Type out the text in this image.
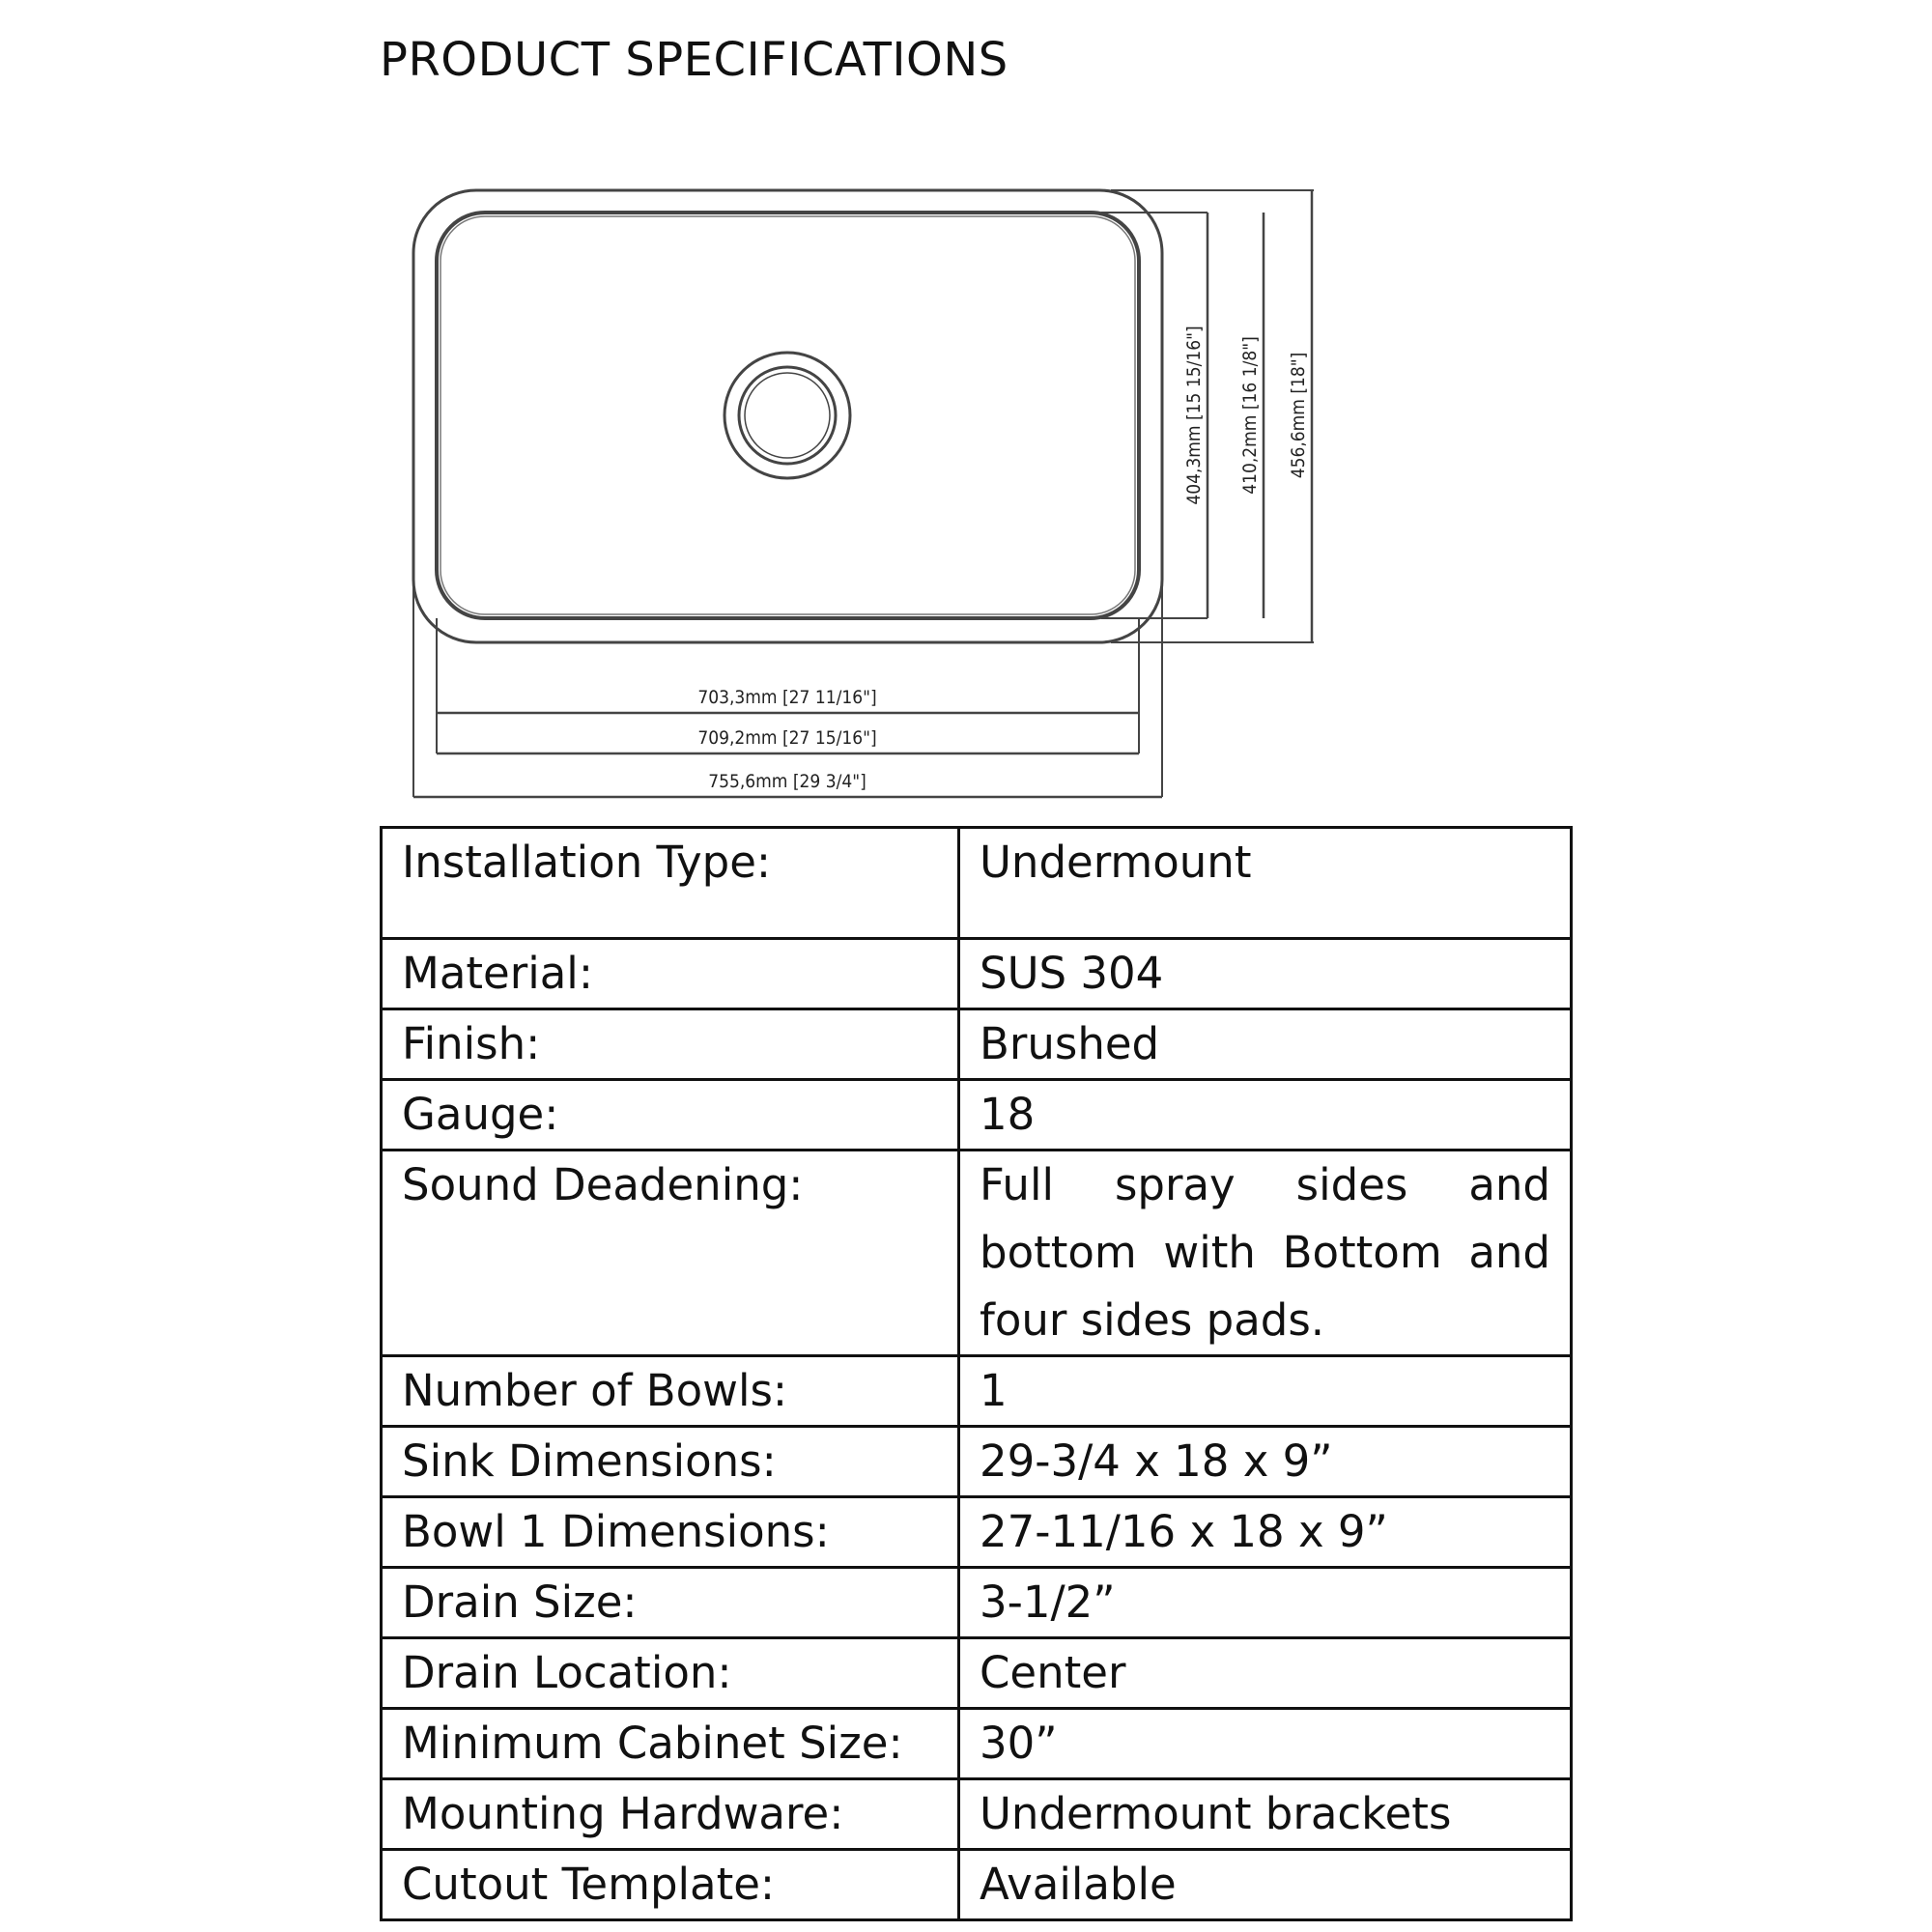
PRODUCT SPECIFICATIONS
703,3mm [27 11/16"]
709,2mm [27 15/16"]
755,6mm [29 3/4"]
404,3mm [15 15/16"] 410,2mm [16 1/8"] 456,6mm [18"]
Installation Type:	Undermount
Material:	SUS 304
Finish:	Brushed
Gauge:	18
Sound Deadening:	Full spray sides and bottom with Bottom and four sides pads.
Number of Bowls:	1
Sink Dimensions:	29-3/4 x 18 x 9”
Bowl 1 Dimensions:	27-11/16 x 18 x 9”
Drain Size:	3-1/2”
Drain Location:	Center
Minimum Cabinet Size:	30”
Mounting Hardware:	Undermount brackets
Cutout Template:	Available
